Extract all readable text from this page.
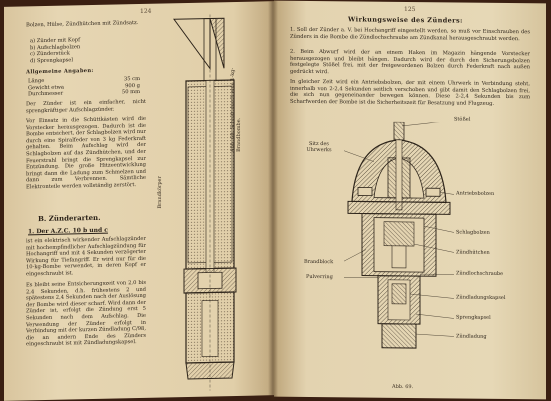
124
Bolzen, Hülse, Zündhütchen mit Zündsatz.
a) Zünder mit Kopf
b) Aufschlagbolzen
c) Zünderstück
d) Sprengkapsel
Allgemeine Angaben:
Länge	35 cm
Gewicht etwa	900 g
Durchmesser	50 mm

Der Zünder ist ein einfacher, nicht sprengkräftiger Aufschlagzünder.

Vor Einsatz in die Schüttkästen wird die Vorstecker herausgezogen. Dadurch ist die Bombe entsichert, der Schlagbolzen wird nur durch eine Spiralfeder von 3 kg Federkraft gehalten. Beim Aufschlag wird der Schlagbolzen auf das Zündhütchen, und der Feuerstrahl bringt die Sprengkapsel zur Entzündung. Die große Hitzeentwicklung bringt dann die Ladung zum Schmelzen und dann zum Verbrennen. Sämtliche Elektronteile werden vollständig zerstört.

B. Zünderarten.
1. Der A.Z.C. 10 b und c

ist ein elektrisch wirkender Aufschlagzünder mit hochempfindlicher Aufschlagzündung für Hochangriff und mit 4 Sekunden verzögerter Wirkung für Tiefangriff. Er wird nur für die 10-kg-Bombe verwendet, in deren Kopf er eingeschraubt ist.

Es bleibt seine Entsicherungszeit von 2,0 bis 2,4 Sekunden, d.h. frühestens 2 und spätestens 2,4 Sekunden nach der Auslösung der Bombe wird dieser scharf. Wird dann der Zünder ist, erfolgt die Zündung erst 5 Sekunden nach dem Aufschlag. Die Verwendung der Zünder erfolgt in Verbindung mit der kurzen Zündladung C/98, die an andern Ende des Zünders eingeschraubt ist mit Zündladungskapsel.

Abb. 68. Schnitt durch eine 1-kg-Brandbombe.
Brandkörper
125
Wirkungsweise des Zünders:

1. Soll der Zünder a. V. bei Hochangriff eingestellt werden, so muß vor Einschrauben des Zünders in die Bombe die Zündlochschraube am Zündkanal herausgeschraubt werden.

2. Beim Abwurf wird der an einem Haken im Magazin hängende Vorstecker herausgezogen und bleibt hängen. Dadurch wird der durch den Sicherungsbolzen festgelegte Stößel frei, mit der freigewordenen Bolzen durch Federkraft nach außen gedrückt wird.

In gleicher Zeit wird ein Antriebsbolzen, der mit einem Uhrwerk in Verbindung steht, innerhalb von 2-2,4 Sekunden seitlich verschoben und gibt damit den Schlagbolzen frei, die sich nun gegeneinander bewegen können. Diese 2-2,4 Sekunden bis zum Scharfwerden der Bombe ist die Sicherheitszeit für Besatzung und Flugzeug.

Stößel
Sitz des Uhrwerks
Antriebsbolzen
Schlagbolzen
Zündhütchen
Brandblock
Zündlochschraube
Pulverring
Zündladungskapsel
Sprengkapsel
Zündladung
Abb. 69.
